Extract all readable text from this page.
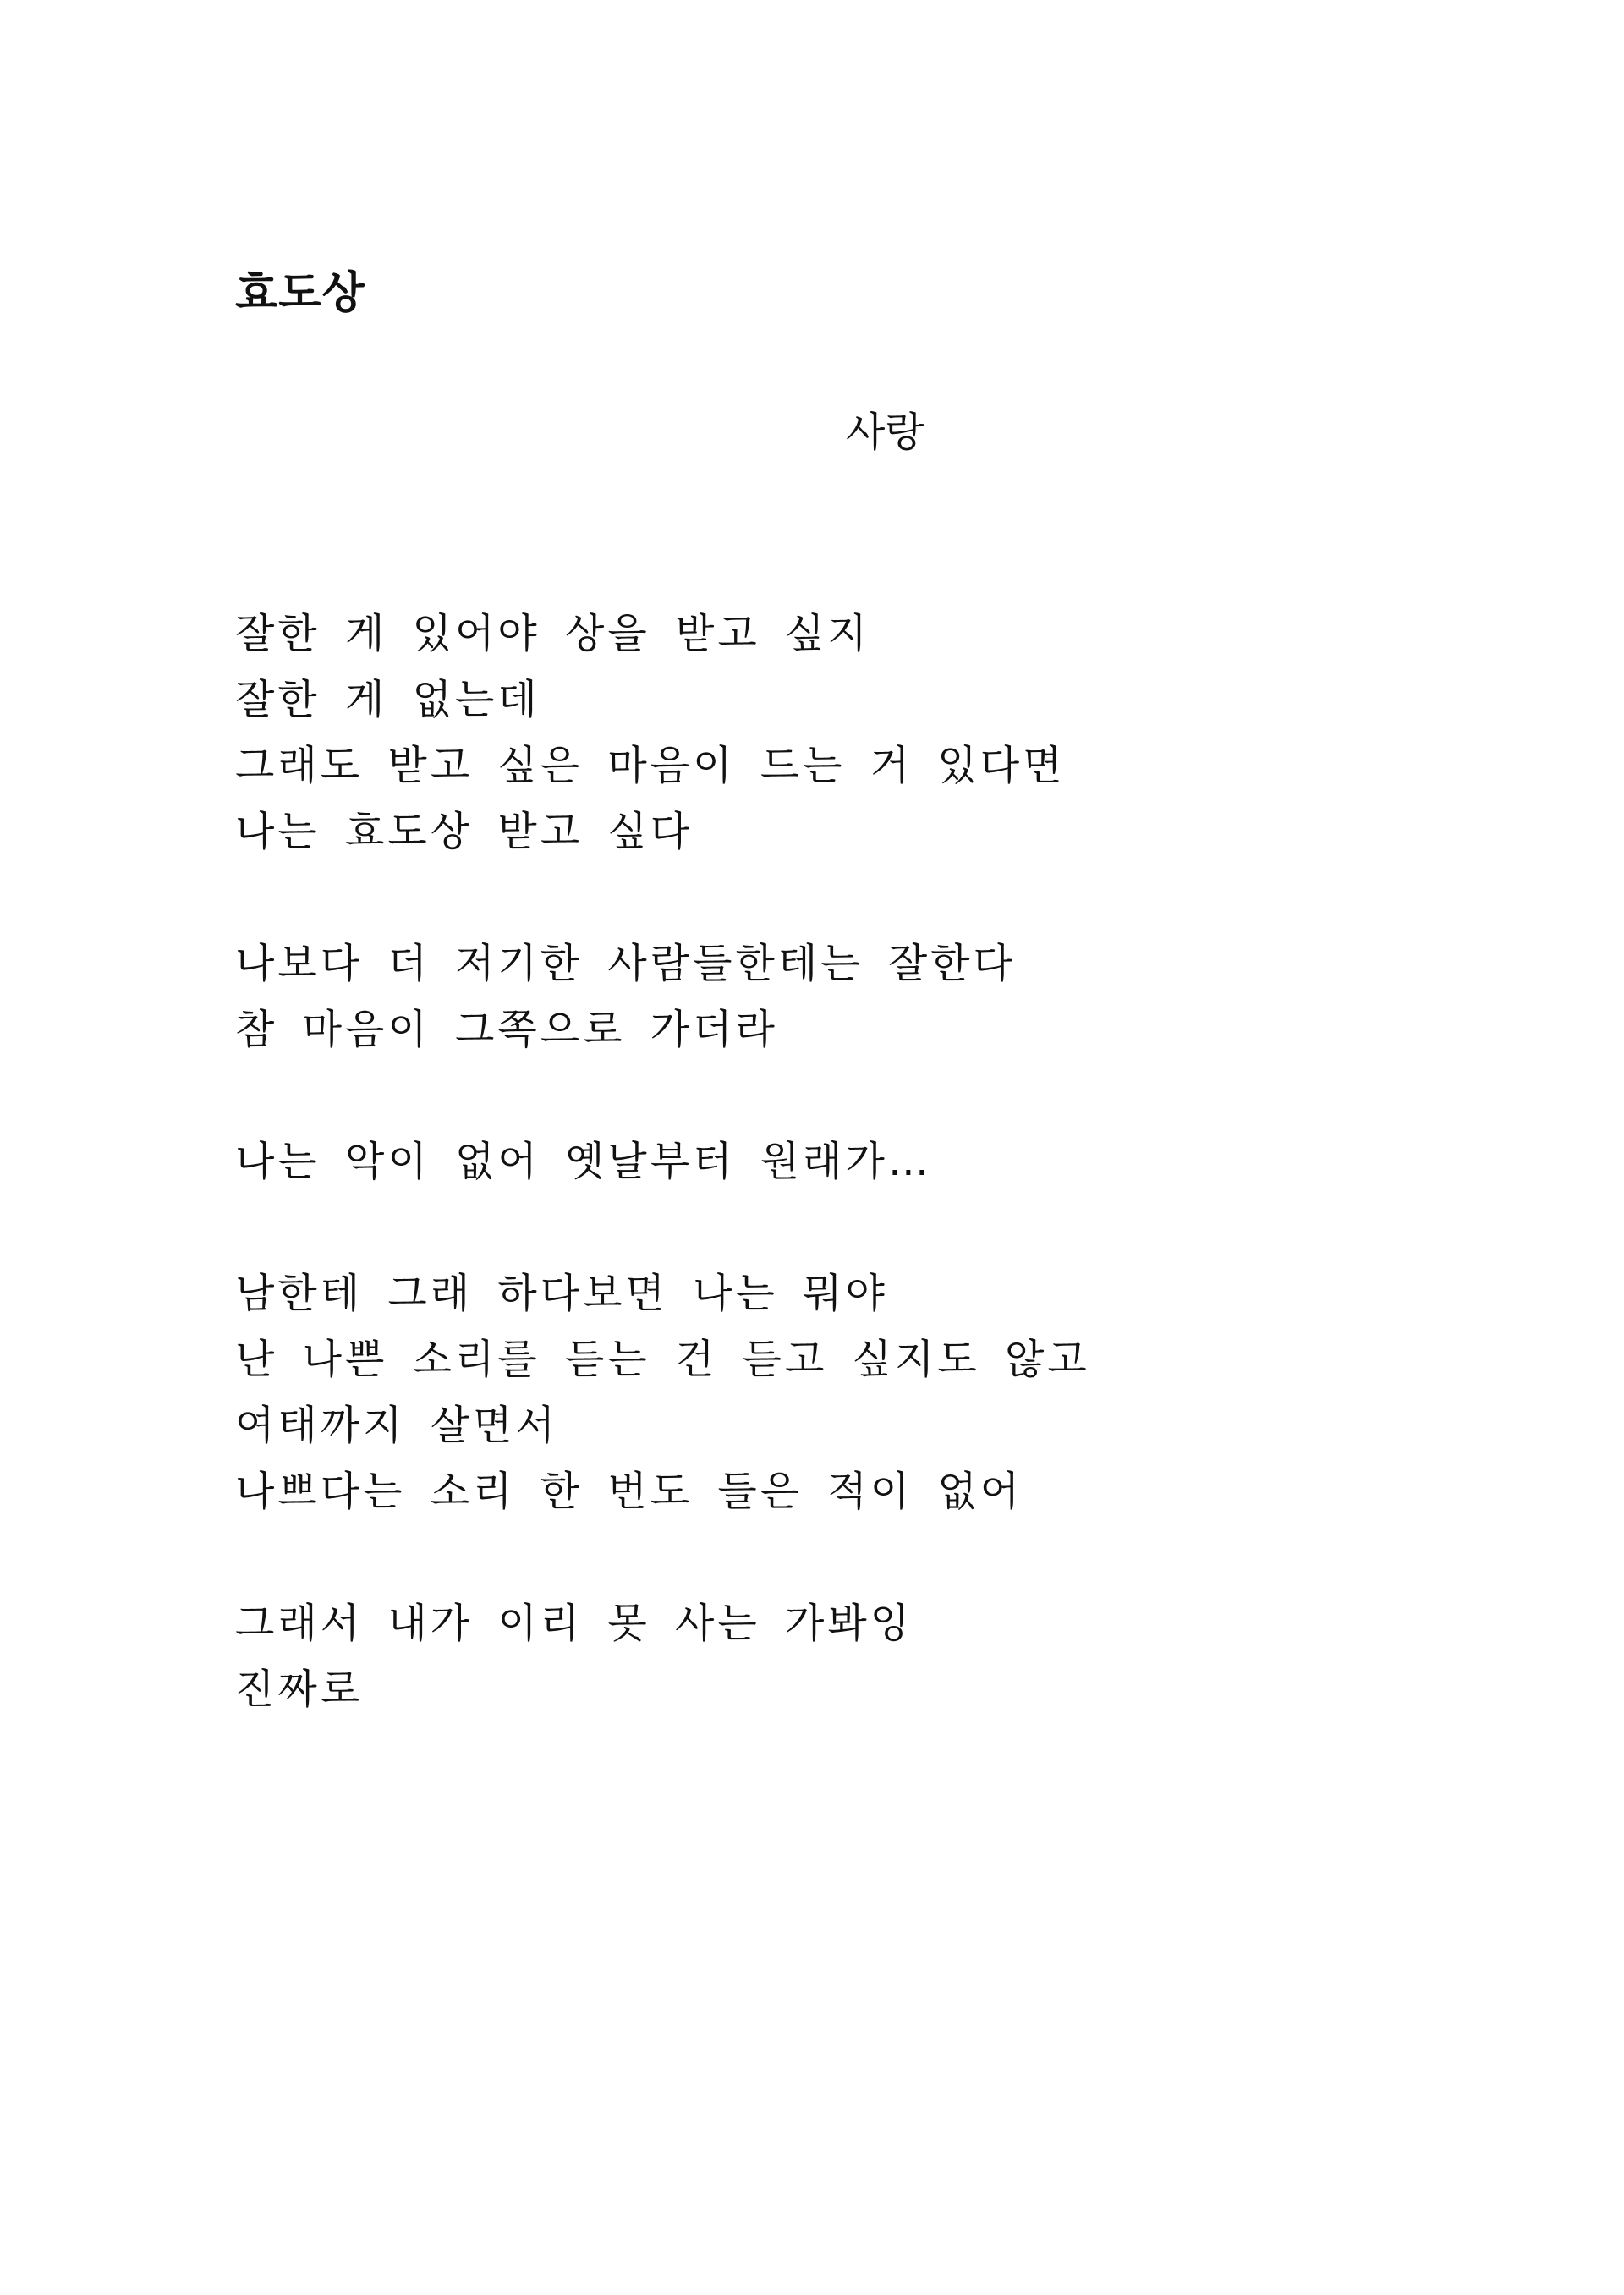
효도상

사랑

잘한 게 있어야 상을 받고 싶지
잘한 게 없는데
그래도 받고 싶은 마음이 드는 거 있다면
나는 효도상 받고 싶다
나보다 더 저기한 사람들한테는 잘한다
참 마음이 그쪽으로 가더라
나는 악이 없어 옛날부터 원래가…
남한테 그래 하다보면 나는 뭐야
난 나쁜 소리를 듣는 건 듣고 싶지도 않고
여태까지 살면서
나쁘다는 소리 한 번도 들은 적이 없어
그래서 내가 이리 못 사는 가봐잉
진짜로
